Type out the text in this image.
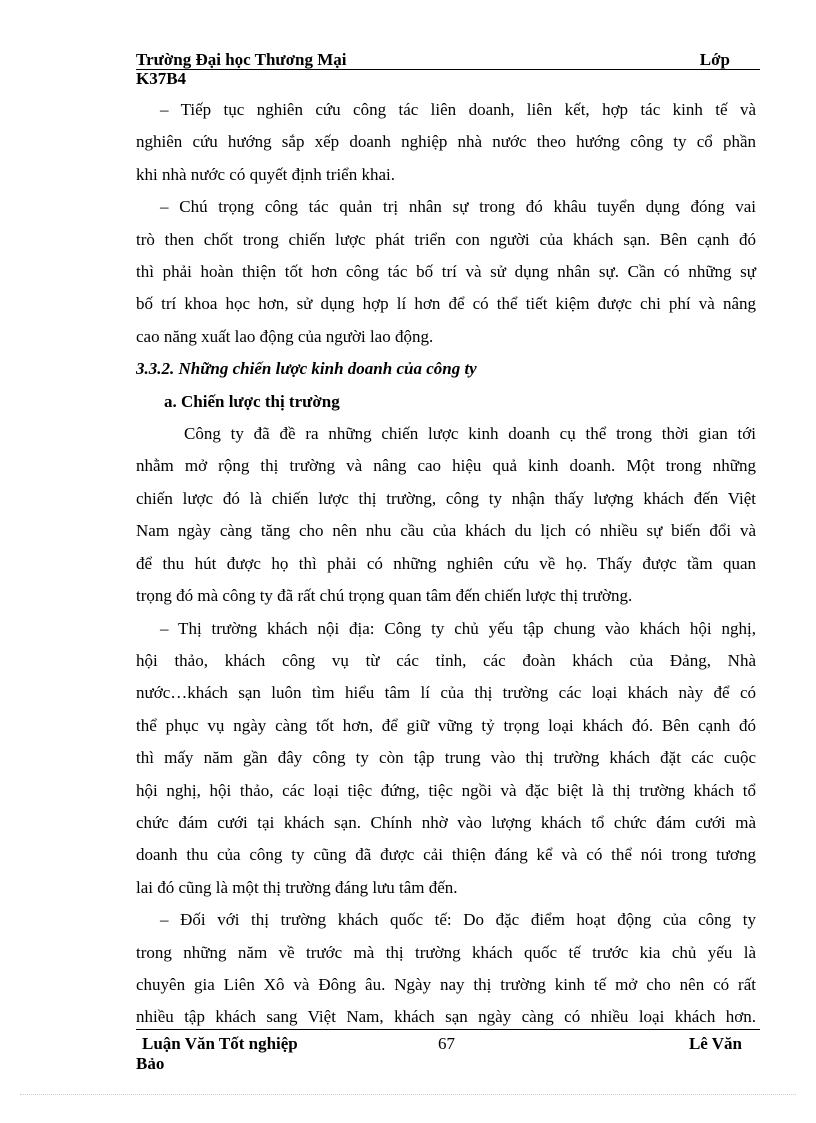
Trường Đại học Thương Mại	Lớp
K37B4
– Tiếp tục nghiên cứu công tác liên doanh, liên kết, hợp tác kinh tế và
nghiên cứu hướng sắp xếp doanh nghiệp nhà nước theo hướng công ty cổ phần
khi nhà nước có quyết định triển khai.
– Chú trọng công tác quản trị nhân sự trong đó khâu tuyển dụng đóng vai
trò then chốt trong chiến lược phát triển con người của khách sạn. Bên cạnh đó
thì phải hoàn thiện tốt hơn công tác bố trí và sử dụng nhân sự. Cần có những sự
bố trí khoa học hơn, sử dụng hợp lí hơn để có thể tiết kiệm được chi phí và nâng
cao năng xuất lao động của người lao động.
3.3.2. Những chiến lược kinh doanh của công ty
a. Chiến lược thị trường
Công ty đã đề ra những chiến lược kinh doanh cụ thể trong thời gian tới
nhằm mở rộng thị trường và nâng cao hiệu quả kinh doanh. Một trong những
chiến lược đó là chiến lược thị trường, công ty nhận thấy lượng khách đến Việt
Nam ngày càng tăng cho nên nhu cầu của khách du lịch có nhiều sự biến đổi và
để thu hút được họ thì phải có những nghiên cứu về họ. Thấy được tầm quan
trọng đó mà công ty đã rất chú trọng quan tâm đến chiến lược thị trường.
– Thị trường khách nội địa: Công ty chủ yếu tập chung vào khách hội nghị,
hội thảo, khách công vụ từ các tỉnh, các đoàn khách của Đảng, Nhà
nước…khách sạn luôn tìm hiểu tâm lí của thị trường các loại khách này để có
thể phục vụ ngày càng tốt hơn, để giữ vững tỷ trọng loại khách đó. Bên cạnh đó
thì mấy năm gần đây công ty còn tập trung vào thị trường khách đặt các cuộc
hội nghị, hội thảo, các loại tiệc đứng, tiệc ngồi và đặc biệt là thị trường khách tổ
chức đám cưới tại khách sạn. Chính nhờ vào lượng khách tổ chức đám cưới mà
doanh thu của công ty cũng đã được cải thiện đáng kể và có thể nói trong tương
lai đó cũng là một thị trường đáng lưu tâm đến.
– Đối với thị trường khách quốc tế: Do đặc điểm hoạt động của công ty
trong những năm về trước mà thị trường khách quốc tế trước kia chủ yếu là
chuyên gia Liên Xô và Đông âu. Ngày nay thị trường kinh tế mở cho nên có rất
nhiều tập khách sang Việt Nam, khách sạn ngày càng có nhiều loại khách hơn.
Luận Văn Tốt nghiệp	67	Lê Văn
Bảo
